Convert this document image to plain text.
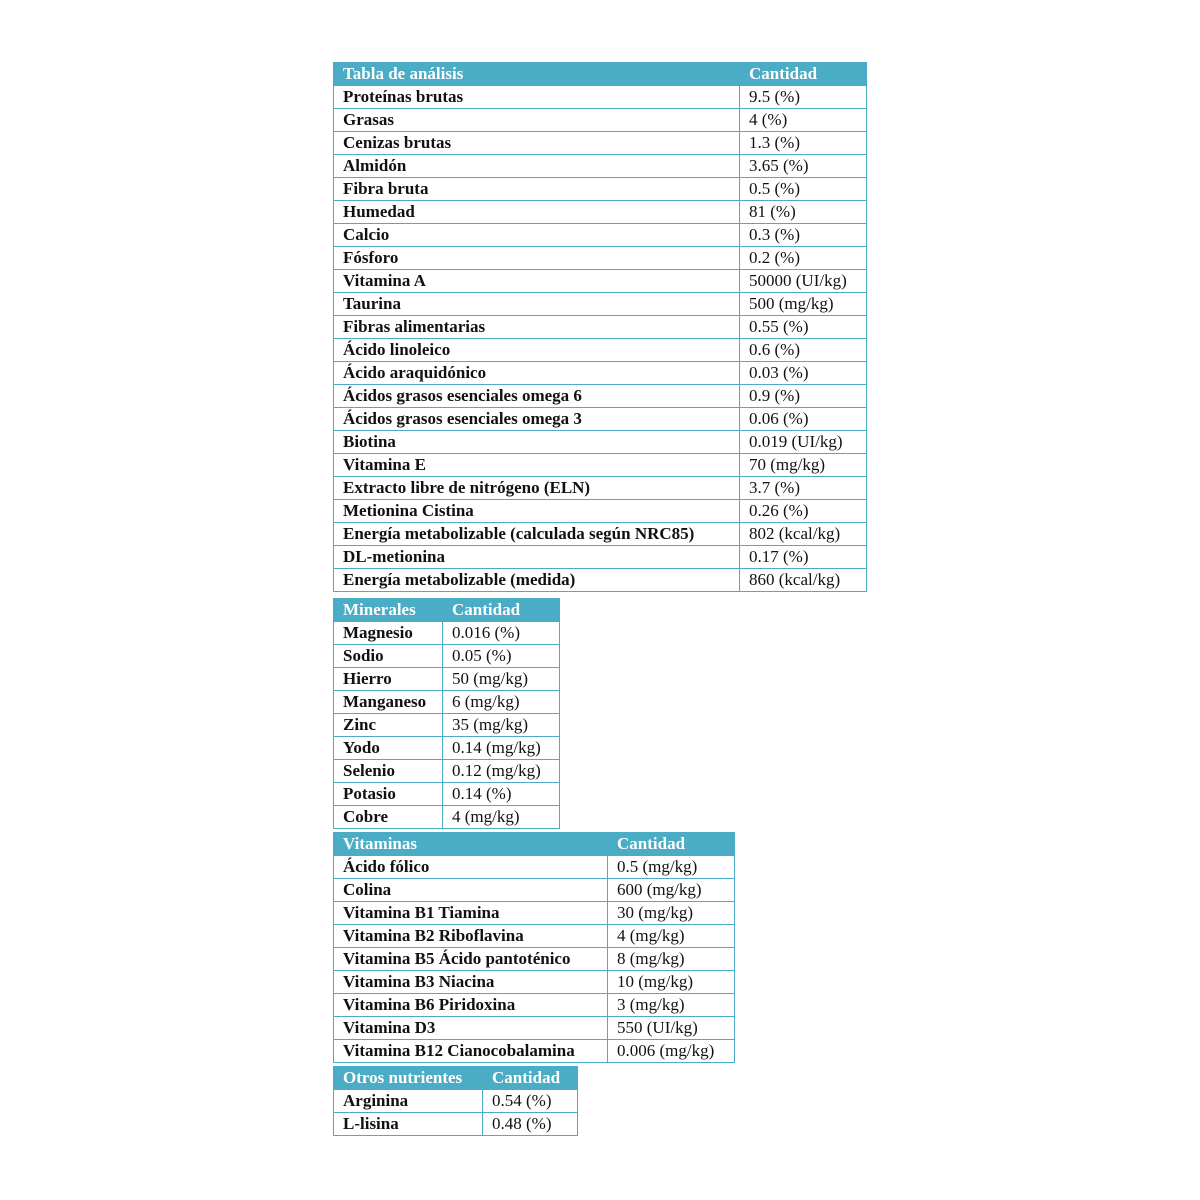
Tabla de análisis	Cantidad
Proteínas brutas	9.5 (%)
Grasas	4 (%)
Cenizas brutas	1.3 (%)
Almidón	3.65 (%)
Fibra bruta	0.5 (%)
Humedad	81 (%)
Calcio	0.3 (%)
Fósforo	0.2 (%)
Vitamina A	50000 (UI/kg)
Taurina	500 (mg/kg)
Fibras alimentarias	0.55 (%)
Ácido linoleico	0.6 (%)
Ácido araquidónico	0.03 (%)
Ácidos grasos esenciales omega 6	0.9 (%)
Ácidos grasos esenciales omega 3	0.06 (%)
Biotina	0.019 (UI/kg)
Vitamina E	70 (mg/kg)
Extracto libre de nitrógeno (ELN)	3.7 (%)
Metionina Cistina	0.26 (%)
Energía metabolizable (calculada según NRC85)	802 (kcal/kg)
DL-metionina	0.17 (%)
Energía metabolizable (medida)	860 (kcal/kg)
Minerales	Cantidad
Magnesio	0.016 (%)
Sodio	0.05 (%)
Hierro	50 (mg/kg)
Manganeso	6 (mg/kg)
Zinc	35 (mg/kg)
Yodo	0.14 (mg/kg)
Selenio	0.12 (mg/kg)
Potasio	0.14 (%)
Cobre	4 (mg/kg)
Vitaminas	Cantidad
Ácido fólico	0.5 (mg/kg)
Colina	600 (mg/kg)
Vitamina B1 Tiamina	30 (mg/kg)
Vitamina B2 Riboflavina	4 (mg/kg)
Vitamina B5 Ácido pantoténico	8 (mg/kg)
Vitamina B3 Niacina	10 (mg/kg)
Vitamina B6 Piridoxina	3 (mg/kg)
Vitamina D3	550 (UI/kg)
Vitamina B12 Cianocobalamina	0.006 (mg/kg)
Otros nutrientes	Cantidad
Arginina	0.54 (%)
L-lisina	0.48 (%)
